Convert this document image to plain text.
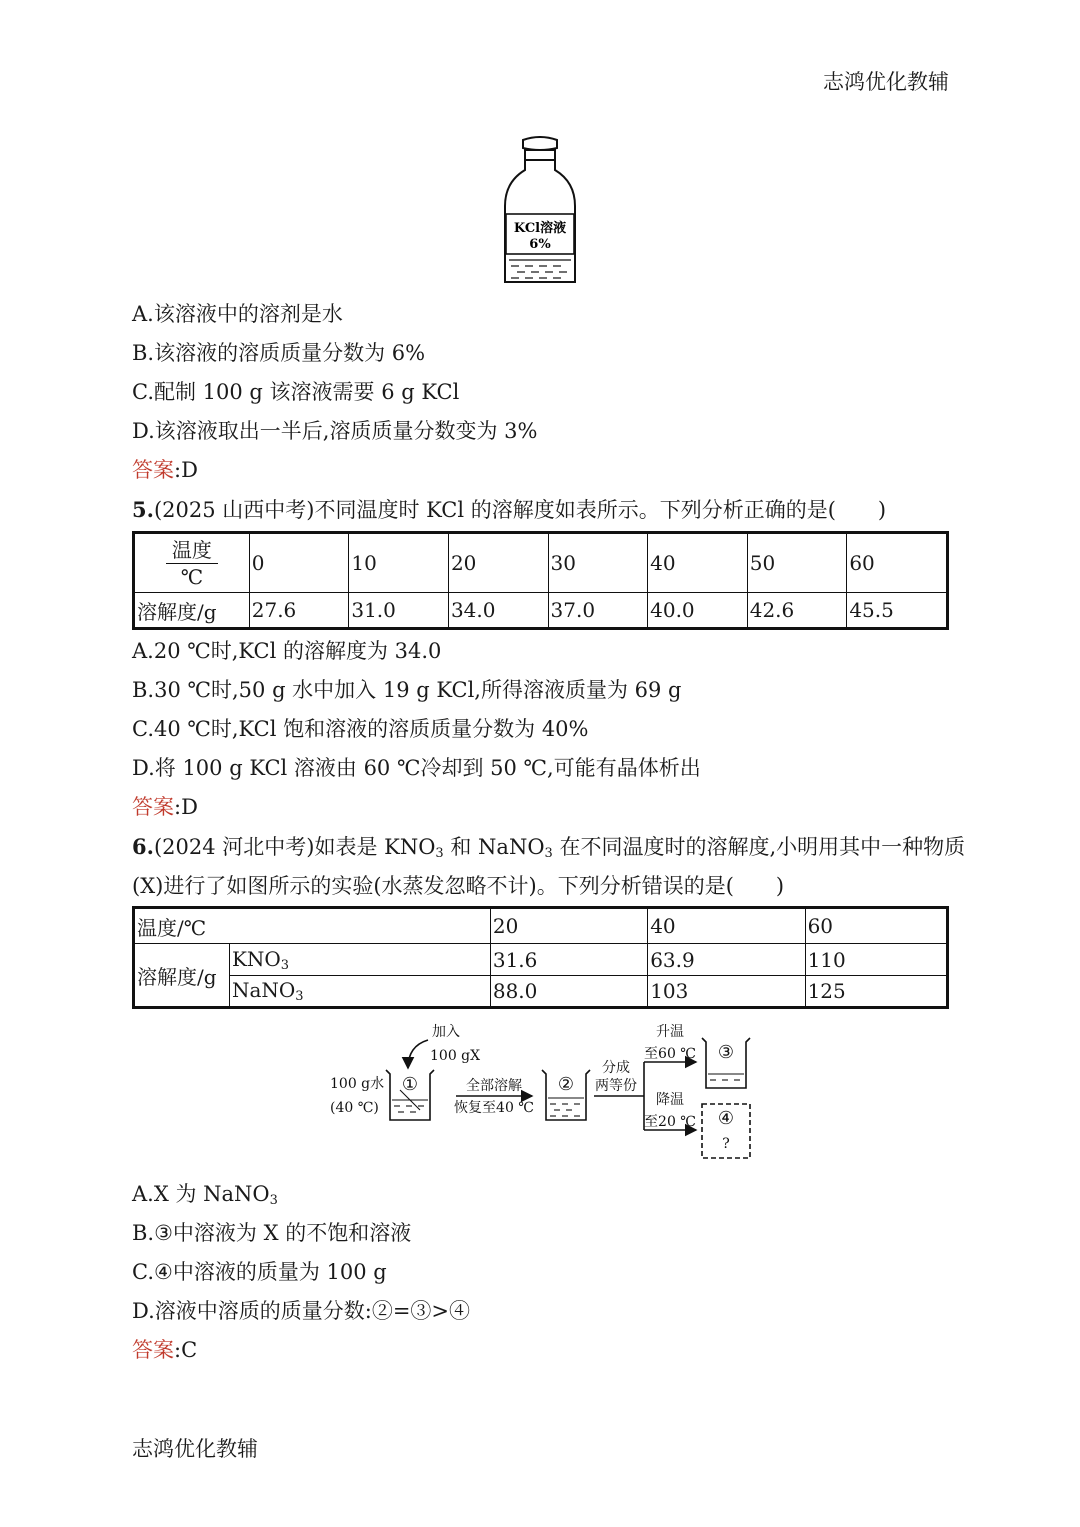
志鸿优化教辅
KCl溶液
6%
A.该溶液中的溶剂是水
B.该溶液的溶质质量分数为 6%
C.配制 100 g 该溶液需要 6 g KCl
D.该溶液取出一半后,溶质质量分数变为 3%
答案:D
5.(2025 山西中考)不同温度时 KCl 的溶解度如表所示。下列分析正确的是(　　)
温度
℃	0	10	20	30	40	50	60
溶解度/g	27.6	31.0	34.0	37.0	40.0	42.6	45.5
A.20 ℃时,KCl 的溶解度为 34.0
B.30 ℃时,50 g 水中加入 19 g KCl,所得溶液质量为 69 g
C.40 ℃时,KCl 饱和溶液的溶质质量分数为 40%
D.将 100 g KCl 溶液由 60 ℃冷却到 50 ℃,可能有晶体析出
答案:D
6.(2024 河北中考)如表是 $KNO_3$ 和 NaNO$_3$ 在不同温度时的溶解度,小明用其中一种物质
(X)进行了如图所示的实验(水蒸发忽略不计)。下列分析错误的是(　　)
温度/℃		20	40	60
溶解度/g	$KNO_3$	31.6	63.9	110
	NaNO$_3$	88.0	103	125
加入
100 gX
100 g水
(40 ℃)
①	全部溶解
恢复至40 ℃
②
分成
两等份
升温
至60 ℃ ③
降温
至20 ℃ ④
?
A.X 为 NaNO$_3$
B.③中溶液为 X 的不饱和溶液
C.④中溶液的质量为 100 g
D.溶液中溶质的质量分数:②=③>④
答案:C
志鸿优化教辅
